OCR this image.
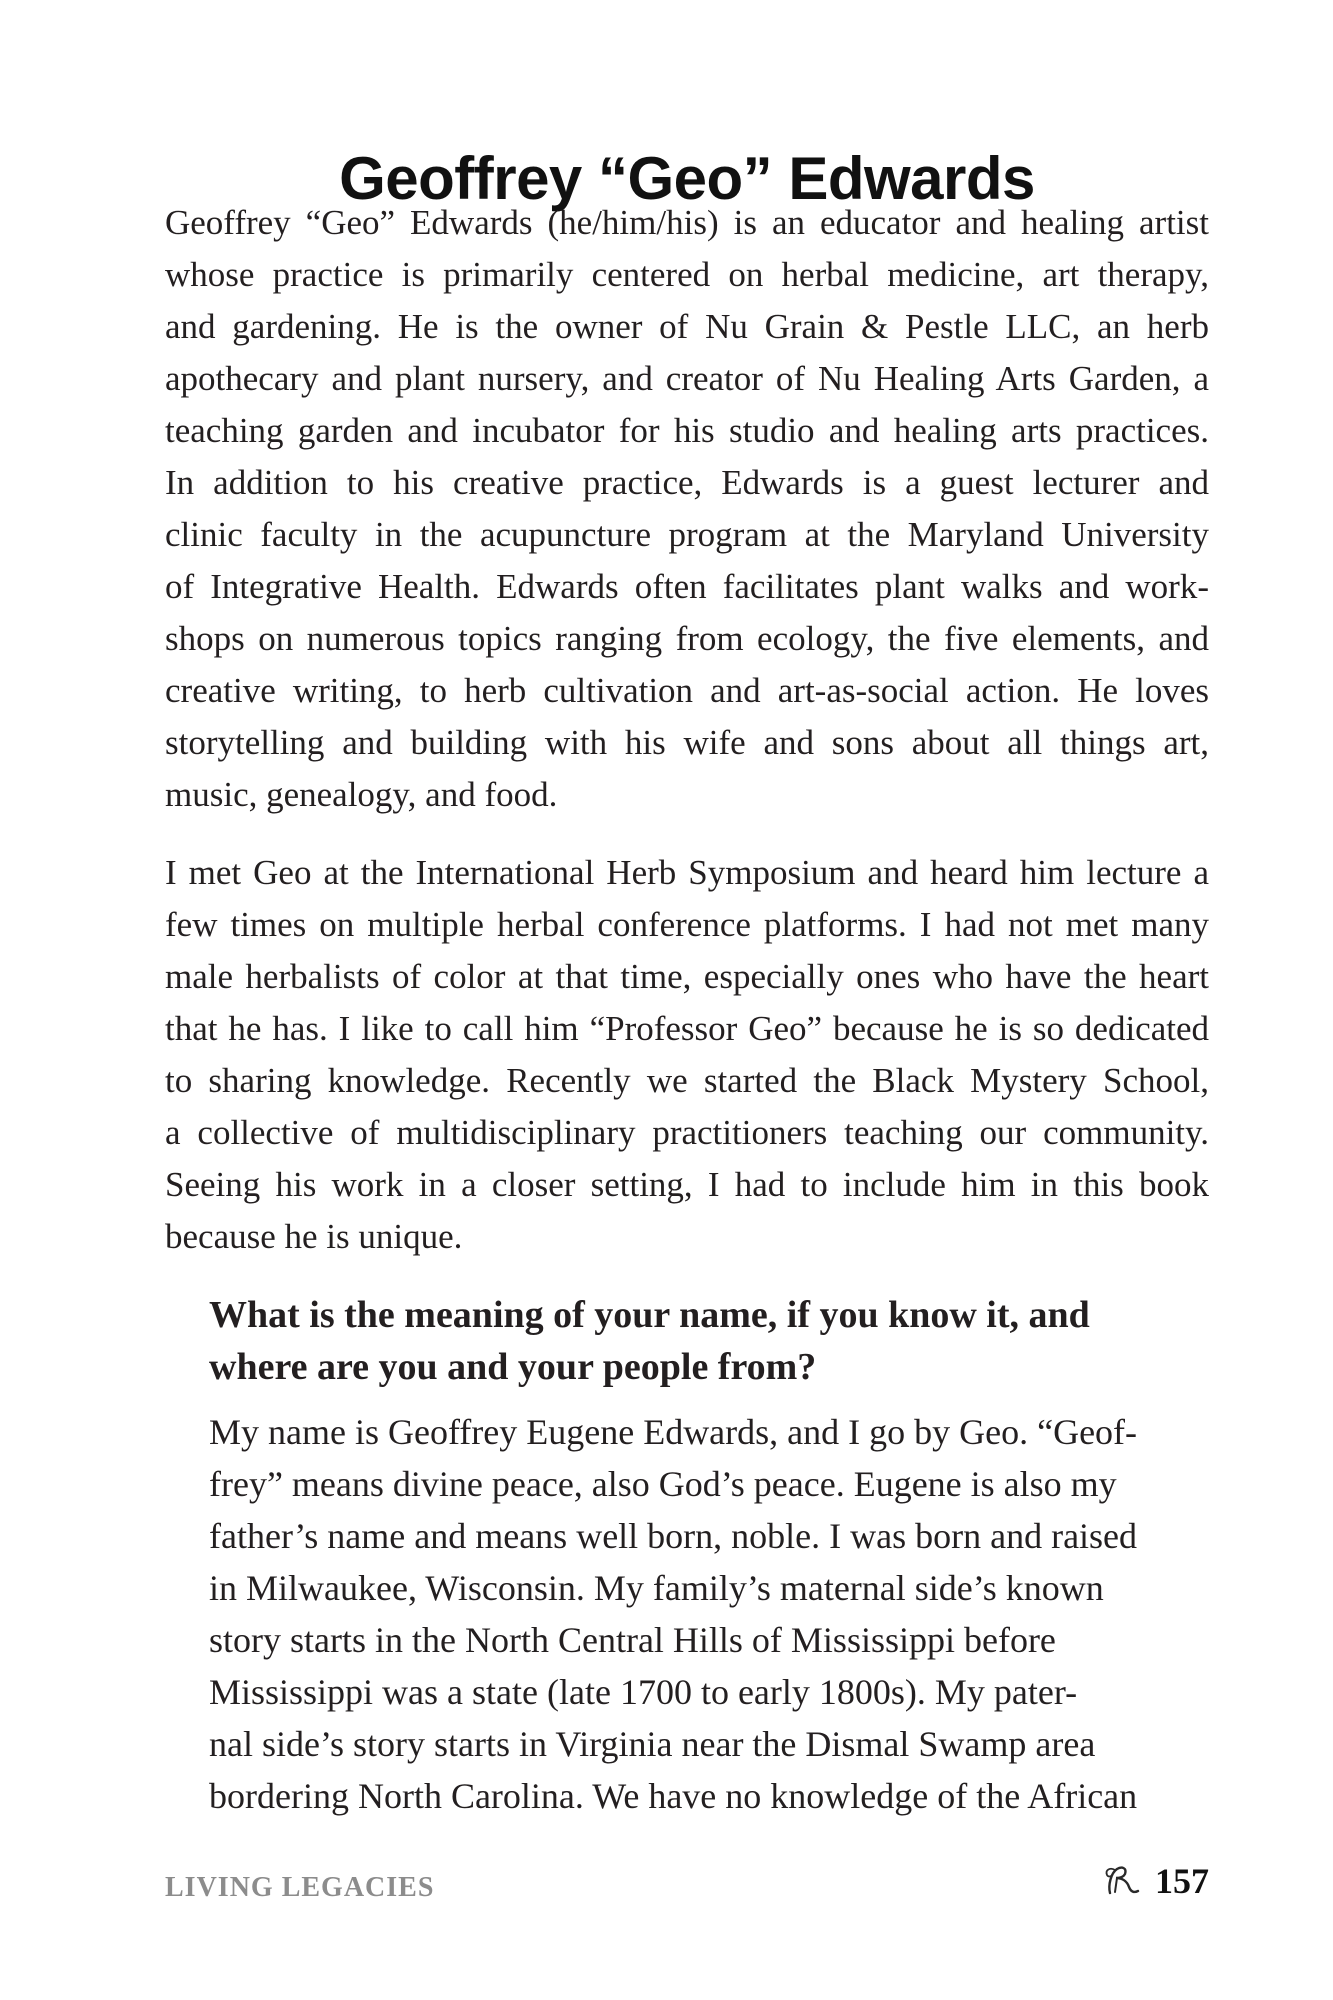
Geoffrey “Geo” Edwards
Geoffrey “Geo” Edwards (he/him/his) is an educator and healing artist
whose practice is primarily centered on herbal medicine, art therapy,
and gardening. He is the owner of Nu Grain & Pestle LLC, an herb
apothecary and plant nursery, and creator of Nu Healing Arts Garden, a
teaching garden and incubator for his studio and healing arts practices.
In addition to his creative practice, Edwards is a guest lecturer and
clinic faculty in the acupuncture program at the Maryland University
of Integrative Health. Edwards often facilitates plant walks and work-
shops on numerous topics ranging from ecology, the five elements, and
creative writing, to herb cultivation and art-as-social action. He loves
storytelling and building with his wife and sons about all things art,
music, genealogy, and food.
I met Geo at the International Herb Symposium and heard him lecture a
few times on multiple herbal conference platforms. I had not met many
male herbalists of color at that time, especially ones who have the heart
that he has. I like to call him “Professor Geo” because he is so dedicated
to sharing knowledge. Recently we started the Black Mystery School,
a collective of multidisciplinary practitioners teaching our community.
Seeing his work in a closer setting, I had to include him in this book
because he is unique.
What is the meaning of your name, if you know it, and
where are you and your people from?
My name is Geoffrey Eugene Edwards, and I go by Geo. “Geof-
frey” means divine peace, also God’s peace. Eugene is also my
father’s name and means well born, noble. I was born and raised
in Milwaukee, Wisconsin. My family’s maternal side’s known
story starts in the North Central Hills of Mississippi before
Mississippi was a state (late 1700 to early 1800s). My pater-
nal side’s story starts in Virginia near the Dismal Swamp area
bordering North Carolina. We have no knowledge of the African
LIVING LEGACIES	157
